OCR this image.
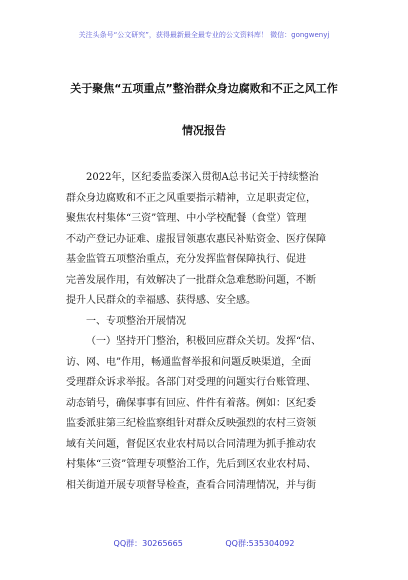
关注头条号“公文研究”，获得最新最全最专业的公文资料库！ 微信：gongwenyj
关于聚焦“五项重点”整治群众身边腐败和不正之风工作
情况报告
2022年，区纪委监委深入贯彻A总书记关于持续整治
群众身边腐败和不正之风重要指示精神，立足职责定位，
聚焦农村集体“三资”管理、中小学校配餐（食堂）管理
不动产登记办证难、虚报冒领惠农惠民补贴资金、医疗保障
基金监管五项整治重点，充分发挥监督保障执行、促进
完善发展作用，有效解决了一批群众急难愁盼问题，不断
提升人民群众的幸福感、获得感、安全感。
一、专项整治开展情况
（一）坚持开门整治，积极回应群众关切。发挥“信、
访、网、电”作用，畅通监督举报和问题反映渠道，全面
受理群众诉求举报。各部门对受理的问题实行台账管理、
动态销号，确保事事有回应、件件有着落。例如：区纪委
监委派驻第三纪检监察组针对群众反映强烈的农村三资领
域有关问题，督促区农业农村局以合同清理为抓手推动农
村集体“三资”管理专项整治工作，先后到区农业农村局、
相关街道开展专项督导检查，查看合同清理情况，并与街
QQ群：30265665	QQ群:535304092
